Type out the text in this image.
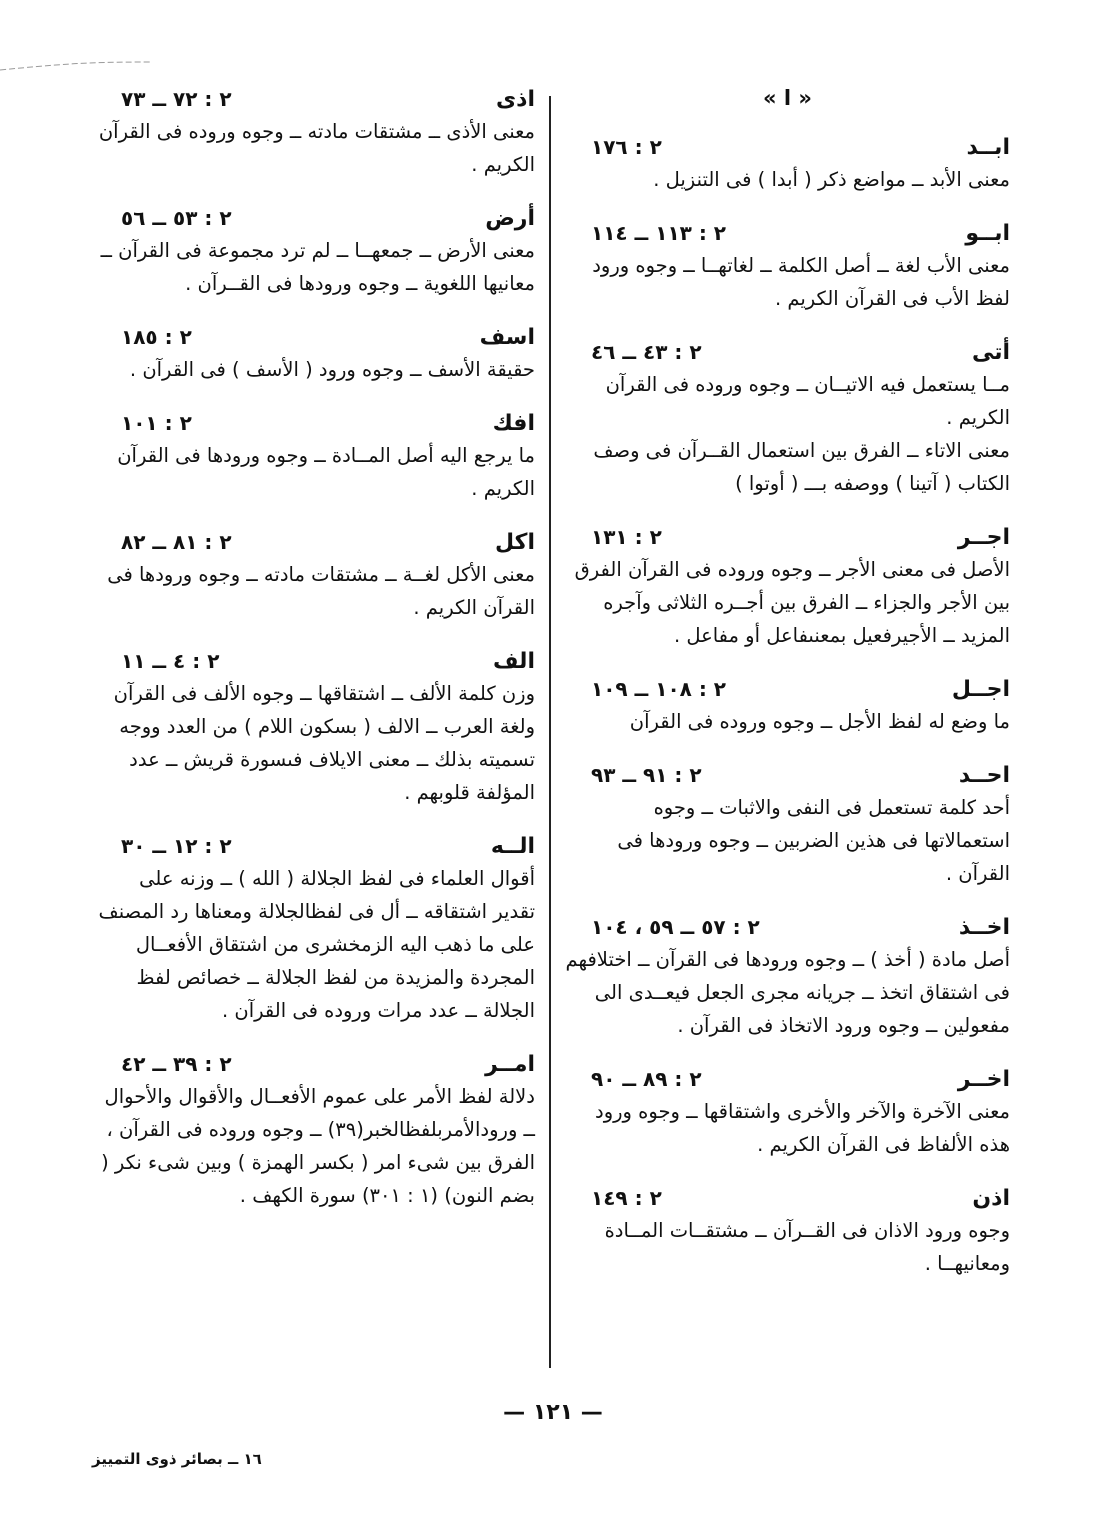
« ا »
ابــد
٢ : ١٧٦

معنى الأبد ــ مواضع ذكر ( أبدا ) فى التنزيل .

ابــو
٢ : ١١٣ ــ ١١٤

معنى الأب لغة ــ أصل الكلمة ــ لغاتهــا ــ وجوه ورود لفظ الأب فى القرآن الكريم .

أتى
٢ : ٤٣ ــ ٤٦

مــا يستعمل فيه الاتيــان ــ وجوه وروده فى القرآن الكريم .

معنى الاتاء ــ الفرق بين استعمال القــرآن فى وصف الكتاب ( آتينا ) ووصفه بـــ ( أوتوا )

اجــر
٢ : ١٣١

الأصل فى معنى الأجر ــ وجوه وروده فى القرآن الفرق بين الأجر والجزاء ــ الفرق بين أجــره الثلاثى وآجره المزيد ــ الأجيرفعيل بمعنىفاعل أو مفاعل .

اجــل
٢ : ١٠٨ ــ ١٠٩

ما وضع له لفظ الأجل ــ وجوه وروده فى القرآن

احــد
٢ : ٩١ ــ ٩٣

أحد كلمة تستعمل فى النفى والاثبات ــ وجوه استعمالاتها فى هذين الضربين ــ وجوه ورودها فى القرآن .

اخــذ
٢ : ٥٧ ــ ٥٩ ، ١٠٤

أصل مادة ( أخذ ) ــ وجوه ورودها فى القرآن ــ اختلافهم فى اشتقاق اتخذ ــ جريانه مجرى الجعل فيعــدى الى مفعولين ــ وجوه ورود الاتخاذ فى القرآن .

اخــر
٢ : ٨٩ ــ ٩٠

معنى الآخرة والآخر والأخرى واشتقاقها ــ وجوه ورود هذه الألفاظ فى القرآن الكريم .

اذن
٢ : ١٤٩

وجوه ورود الاذان فى القــرآن ــ مشتقــات المــادة ومعانيهــا .

اذى
٢ : ٧٢ ــ ٧٣

معنى الأذى ــ مشتقات مادته ــ وجوه وروده فى القرآن الكريم .

أرض
٢ : ٥٣ ــ ٥٦

معنى الأرض ــ جمعهــا ــ لم ترد مجموعة فى القرآن ــ معانيها اللغوية ــ وجوه ورودها فى القــرآن .

اسف
٢ : ١٨٥

حقيقة الأسف ــ وجوه ورود ( الأسف ) فى القرآن .

افك
٢ : ١٠١

ما يرجع اليه أصل المــادة ــ وجوه ورودها فى القرآن الكريم .

اكل
٢ : ٨١ ــ ٨٢

معنى الأكل لغــة ــ مشتقات مادته ــ وجوه ورودها فى القرآن الكريم .

الف
٢ : ٤ ــ ١١

وزن كلمة الألف ــ اشتقاقها ــ وجوه الألف فى القرآن ولغة العرب ــ الالف ( بسكون اللام ) من العدد ووجه تسميته بذلك ــ معنى الايلاف فىسورة قريش ــ عدد المؤلفة قلوبهم .

الــه
٢ : ١٢ ــ ٣٠

أقوال العلماء فى لفظ الجلالة ( الله ) ــ وزنه على تقدير اشتقاقه ــ أل فى لفظالجلالة ومعناها رد المصنف على ما ذهب اليه الزمخشرى من اشتقاق الأفعــال المجردة والمزيدة من لفظ الجلالة ــ خصائص لفظ الجلالة ــ عدد مرات وروده فى القرآن .

امــر
٢ : ٣٩ ــ ٤٢

دلالة لفظ الأمر على عموم الأفعــال والأقوال والأحوال ــ ورودالأمربلفظالخبر(٣٩) ــ وجوه وروده فى القرآن ، الفرق بين شىء امر ( بكسر الهمزة ) وبين شىء نكر ( بضم النون) (١ : ٣٠١) سورة الكهف .

— ١٢١ —
١٦ ــ بصائر ذوى التمييز
